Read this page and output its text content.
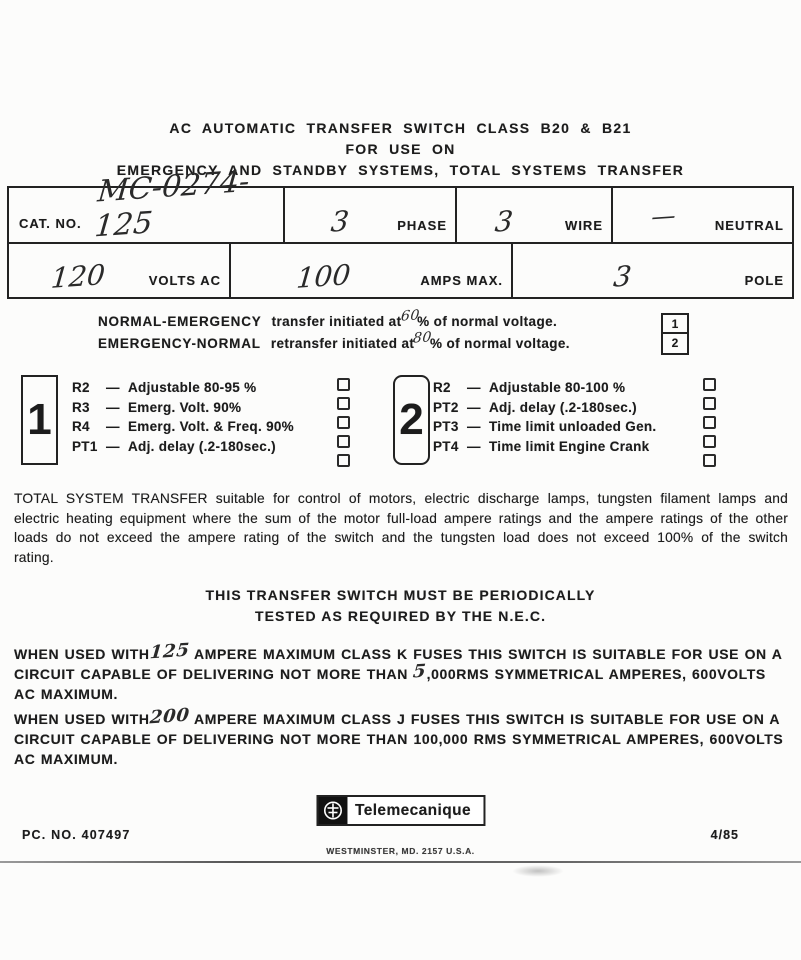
AC AUTOMATIC TRANSFER SWITCH CLASS B20 & B21
FOR USE ON
EMERGENCY AND STANDBY SYSTEMS, TOTAL SYSTEMS TRANSFER
CAT. NO.
MC-0274-125	3	PHASE	3	WIRE	—	NEUTRAL
120	VOLTS AC	100	AMPS MAX.	3	POLE
NORMAL-EMERGENCY transfer initiated at60% of normal voltage.
EMERGENCY-NORMAL retransfer initiated at80% of normal voltage.
1
2
1
R2 — Adjustable 80-95 %
R3 — Emerg. Volt. 90%
R4 — Emerg. Volt. & Freq. 90%
PT1 — Adj. delay (.2-180sec.)
2
R2 — Adjustable 80-100 %
PT2 — Adj. delay (.2-180sec.)
PT3 — Time limit unloaded Gen.
PT4 — Time limit Engine Crank

TOTAL SYSTEM TRANSFER suitable for control of motors, electric discharge lamps, tungsten filament lamps and electric heating equipment where the sum of the motor full-load ampere ratings and the ampere ratings of the other loads do not exceed the ampere rating of the switch and the tungsten load does not exceed 100% of the switch rating.

THIS TRANSFER SWITCH MUST BE PERIODICALLY
TESTED AS REQUIRED BY THE N.E.C.

WHEN USED WITH125 AMPERE MAXIMUM CLASS K FUSES THIS SWITCH IS SUITABLE FOR USE ON A CIRCUIT CAPABLE OF DELIVERING NOT MORE THAN 5,000RMS SYMMETRICAL AMPERES, 600VOLTS AC MAXIMUM.

WHEN USED WITH200 AMPERE MAXIMUM CLASS J FUSES THIS SWITCH IS SUITABLE FOR USE ON A CIRCUIT CAPABLE OF DELIVERING NOT MORE THAN 100,000 RMS SYMMETRICAL AMPERES, 600VOLTS AC MAXIMUM.

Telemecanique
WESTMINSTER, MD. 2157 U.S.A.
PC. NO. 407497	4/85
